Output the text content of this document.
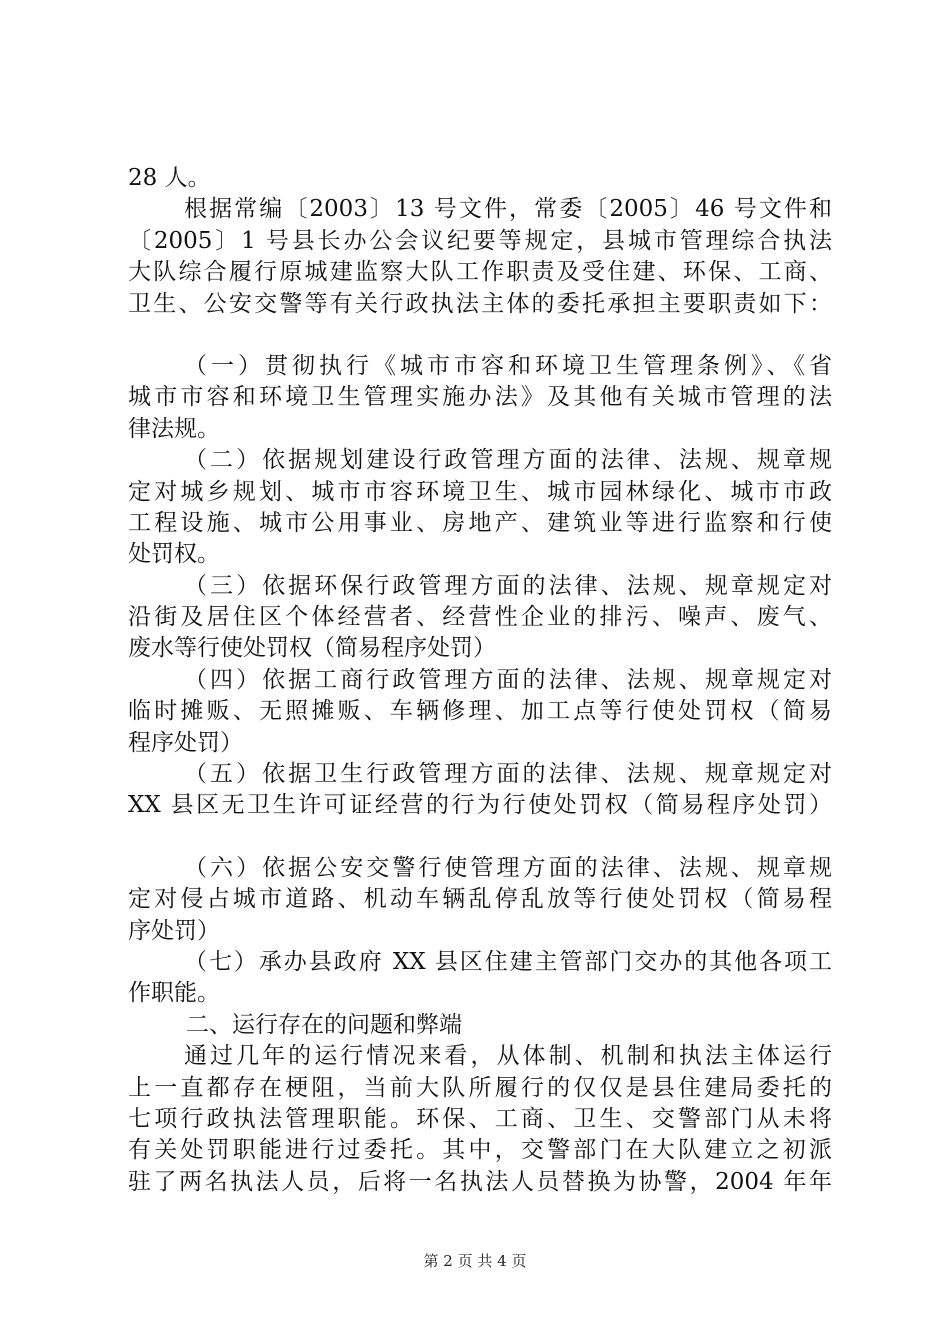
28 人。
根据常编〔2003〕13 号文件，常委〔2005〕46 号文件和
〔2005〕1 号县长办公会议纪要等规定，县城市管理综合执法
大队综合履行原城建监察大队工作职责及受住建、环保、工商、
卫生、公安交警等有关行政执法主体的委托承担主要职责如下：
（一）贯彻执行《城市市容和环境卫生管理条例》、《省
城市市容和环境卫生管理实施办法》及其他有关城市管理的法
律法规。
（二）依据规划建设行政管理方面的法律、法规、规章规
定对城乡规划、城市市容环境卫生、城市园林绿化、城市市政
工程设施、城市公用事业、房地产、建筑业等进行监察和行使
处罚权。
（三）依据环保行政管理方面的法律、法规、规章规定对
沿街及居住区个体经营者、经营性企业的排污、噪声、废气、
废水等行使处罚权（简易程序处罚）
（四）依据工商行政管理方面的法律、法规、规章规定对
临时摊贩、无照摊贩、车辆修理、加工点等行使处罚权（简易
程序处罚）
（五）依据卫生行政管理方面的法律、法规、规章规定对
XX 县区无卫生许可证经营的行为行使处罚权（简易程序处罚）
（六）依据公安交警行使管理方面的法律、法规、规章规
定对侵占城市道路、机动车辆乱停乱放等行使处罚权（简易程
序处罚）
（七）承办县政府 XX 县区住建主管部门交办的其他各项工
作职能。
二、运行存在的问题和弊端
通过几年的运行情况来看，从体制、机制和执法主体运行
上一直都存在梗阻，当前大队所履行的仅仅是县住建局委托的
七项行政执法管理职能。环保、工商、卫生、交警部门从未将
有关处罚职能进行过委托。其中，交警部门在大队建立之初派
驻了两名执法人员，后将一名执法人员替换为协警，2004 年年
第 2 页 共 4 页
